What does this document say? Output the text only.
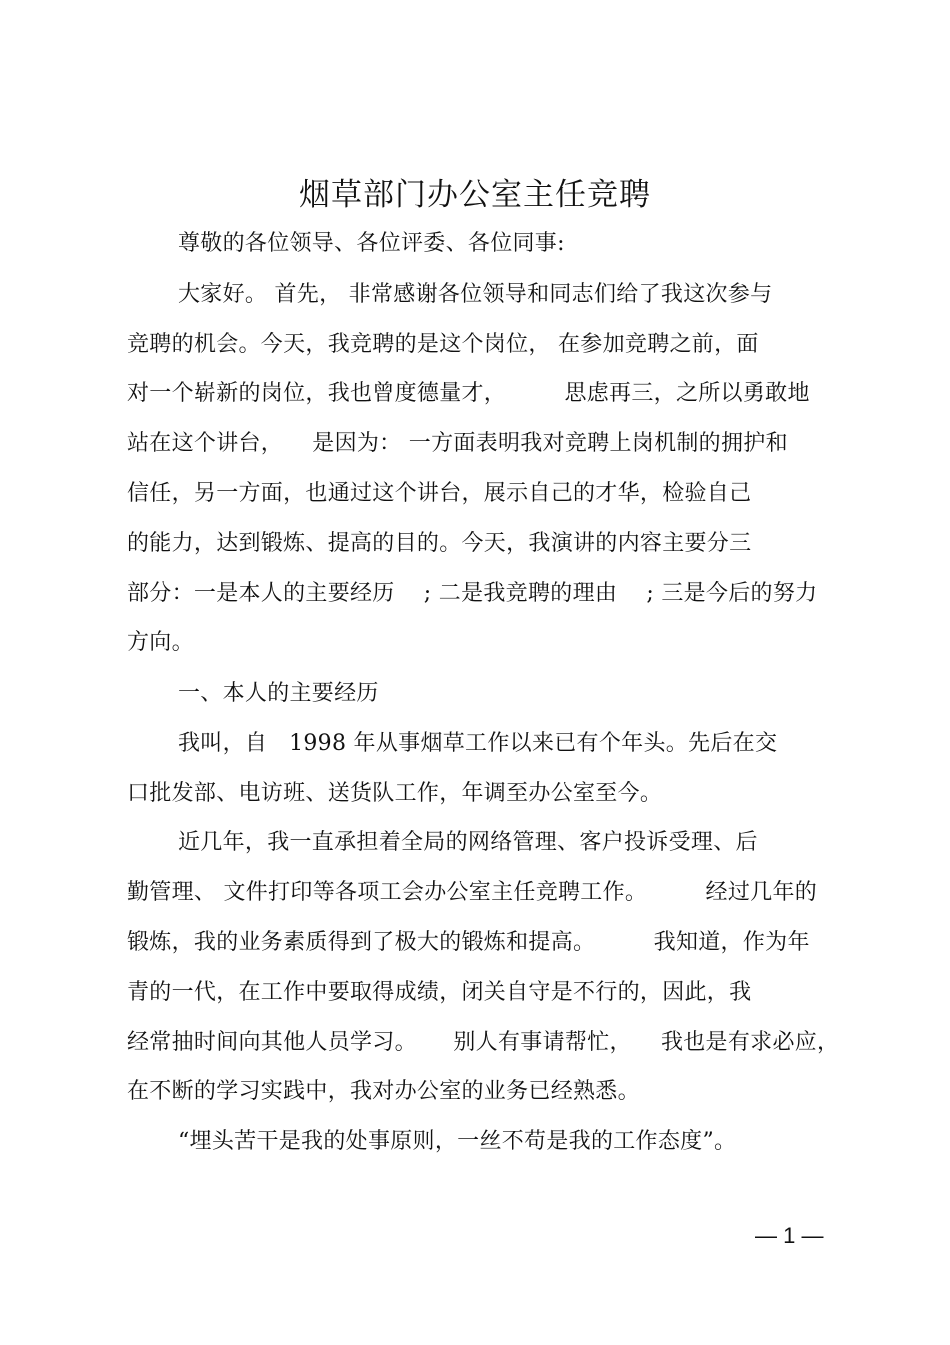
烟草部门办公室主任竞聘
尊敬的各位领导、各位评委、各位同事:
大家好。 首先， 非常感谢各位领导和同志们给了我这次参与
竞聘的机会。今天，我竞聘的是这个岗位， 在参加竞聘之前，面
对一个崭新的岗位，我也曾度德量才，        思虑再三，之所以勇敢地
站在这个讲台，    是因为： 一方面表明我对竞聘上岗机制的拥护和
信任，另一方面，也通过这个讲台，展示自己的才华，检验自己
的能力，达到锻炼、提高的目的。今天，我演讲的内容主要分三
部分：一是本人的主要经历    ; 二是我竞聘的理由    ; 三是今后的努力
方向。
一、本人的主要经历
我叫，自   1998 年从事烟草工作以来已有个年头。先后在交
口批发部、电访班、送货队工作，年调至办公室至今。
近几年，我一直承担着全局的网络管理、客户投诉受理、后
勤管理、 文件打印等各项工会办公室主任竞聘工作。        经过几年的
锻炼，我的业务素质得到了极大的锻炼和提高。        我知道，作为年
青的一代，在工作中要取得成绩，闭关自守是不行的，因此，我
经常抽时间向其他人员学习。     别人有事请帮忙，    我也是有求必应，
在不断的学习实践中，我对办公室的业务已经熟悉。
“埋头苦干是我的处事原则，一丝不苟是我的工作态度”。
— 1 —
